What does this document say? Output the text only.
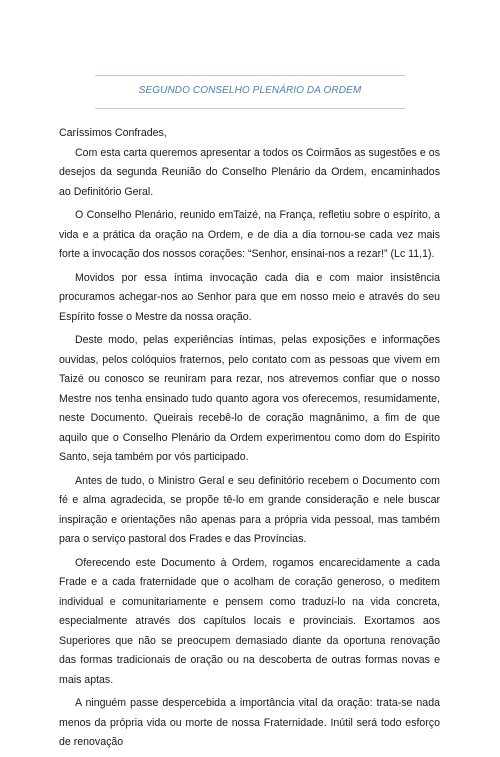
SEGUNDO CONSELHO PLENÁRIO DA ORDEM

Caríssimos Confrades,

Com esta carta queremos apresentar a todos os Coirmãos as sugestões e os desejos da segunda Reunião do Conselho Plenário da Ordem, encaminhados ao Definitório Geral.

O Conselho Plenário, reunido emTaizé, na França, refletiu sobre o espírito, a vida e a prática da oração na Ordem, e de dia a dia tornou-se cada vez mais forte a invocação dos nossos corações: “Senhor, ensinai-nos a rezar!” (Lc 11,1).

Movidos por essa íntima invocação cada dia e com maior insistência procuramos achegar-nos ao Senhor para que em nosso meio e através do seu Espírito fosse o Mestre da nossa oração.

Deste modo, pelas experiências íntimas, pelas exposições e informações ouvidas, pelos colóquios fraternos, pelo contato com as pessoas que vivem em Taizé ou conosco se reuniram para rezar, nos atrevemos confiar que o nosso Mestre nos tenha ensinado tudo quanto agora vos oferecemos, resumidamente, neste Documento. Queirais recebê-lo de coração magnânimo, a fim de que aquilo que o Conselho Plenário da Ordem experimentou como dom do Espirito Santo, seja também por vós participado.

Antes de tudo, o Ministro Geral e seu definitório recebem o Documento com fé e alma agradecida, se propõe tê-lo em grande consideração e nele buscar inspiração e orientações não apenas para a própria vida pessoal, mas também para o serviço pastoral dos Frades e das Províncias.

Oferecendo este Documento à Ordem, rogamos encarecidamente a cada Frade e a cada fraternidade que o acolham de coração generoso, o meditem individual e comunitariamente e pensem como traduzi-lo na vida concreta, especialmente através dos capítulos locais e provinciais. Exortamos aos Superiores que não se preocupem demasiado diante da oportuna renovação das formas tradicionais de oração ou na descoberta de outras formas novas e mais aptas.

A ninguém passe despercebida a importância vital da oração: trata-se nada menos da própria vida ou morte de nossa Fraternidade. Inútil será todo esforço de renovação
